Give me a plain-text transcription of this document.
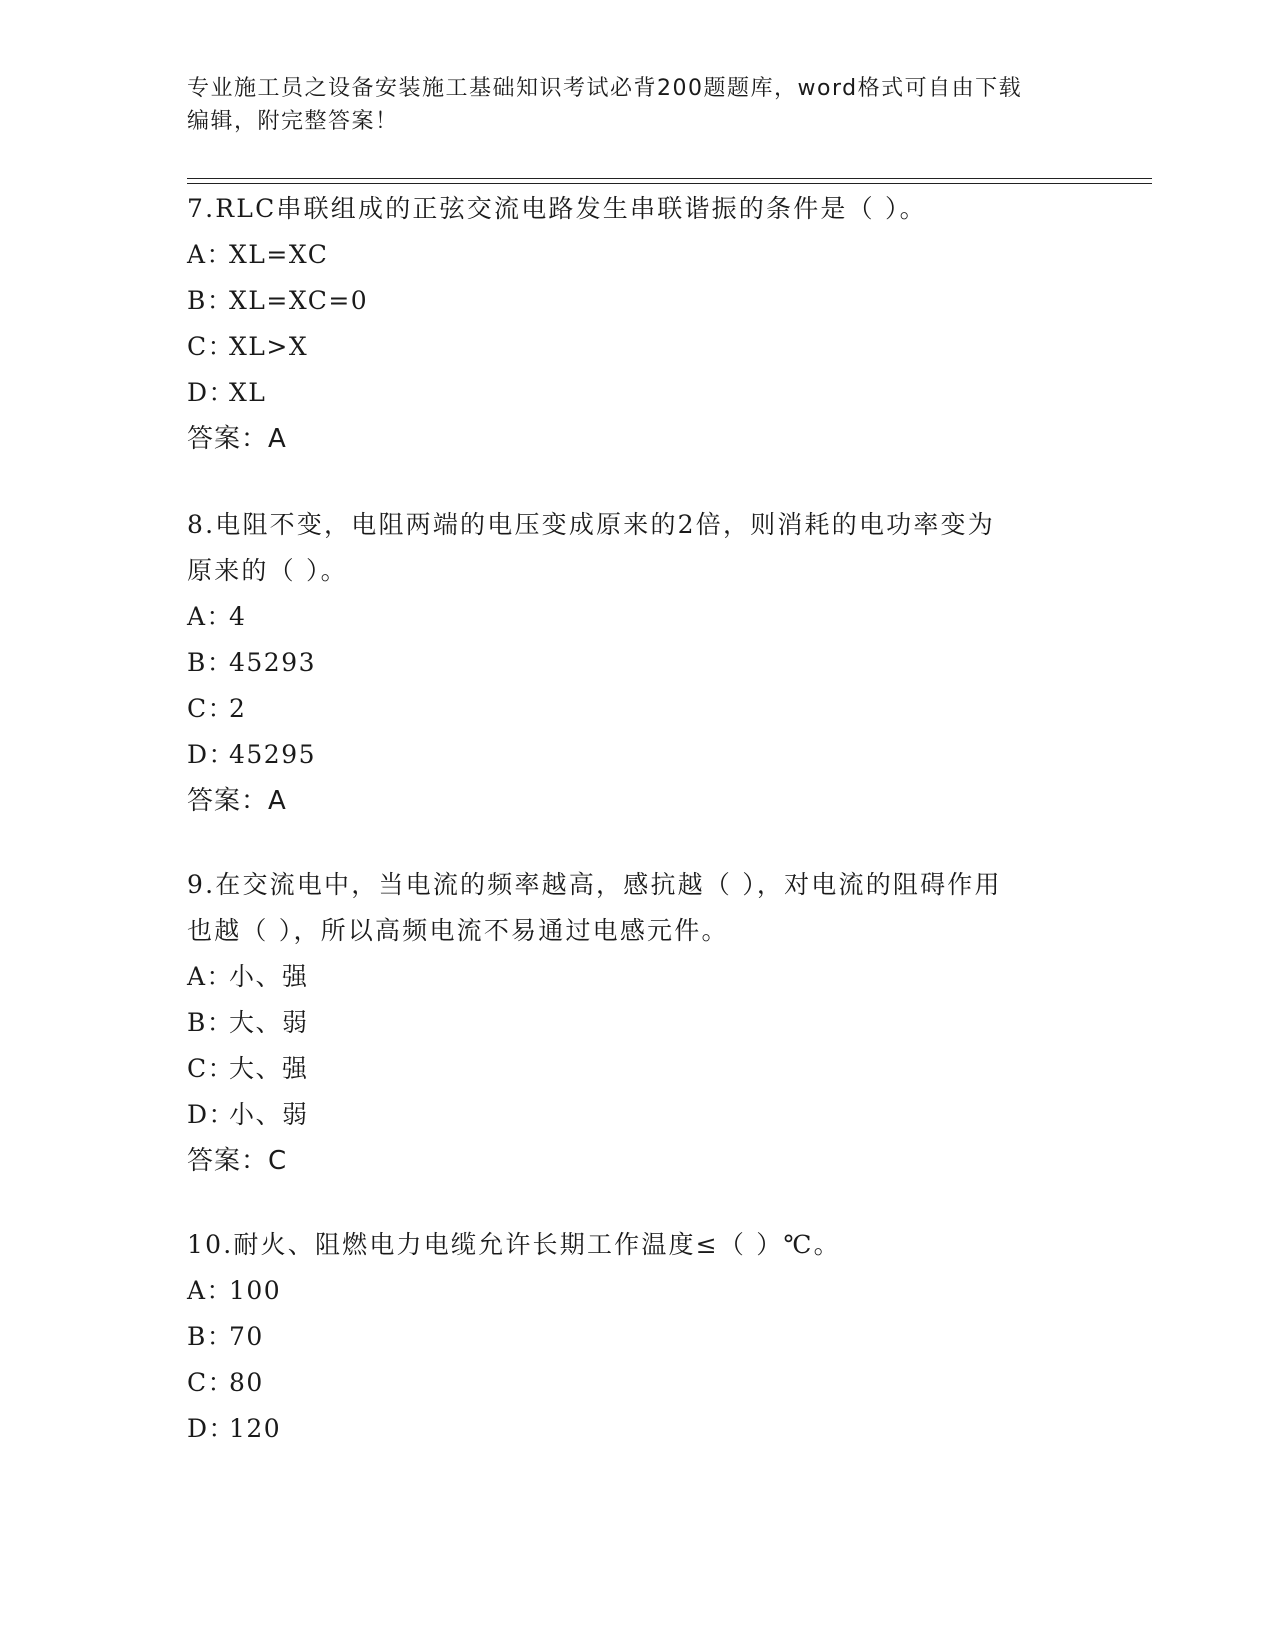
专业施工员之设备安装施工基础知识考试必背200题题库，word格式可自由下载
编辑，附完整答案！
7.RLC串联组成的正弦交流电路发生串联谐振的条件是（ ）。
A：XL=XC
B：XL=XC=0
C：XL>X
D：XL
答案：A
8.电阻不变，电阻两端的电压变成原来的2倍，则消耗的电功率变为
原来的（ ）。
A：4
B：45293
C：2
D：45295
答案：A
9.在交流电中，当电流的频率越高，感抗越（ ），对电流的阻碍作用
也越（ ），所以高频电流不易通过电感元件。
A：小、强
B：大、弱
C：大、强
D：小、弱
答案：C
10.耐火、阻燃电力电缆允许长期工作温度≤（ ）℃。
A：100
B：70
C：80
D：120
